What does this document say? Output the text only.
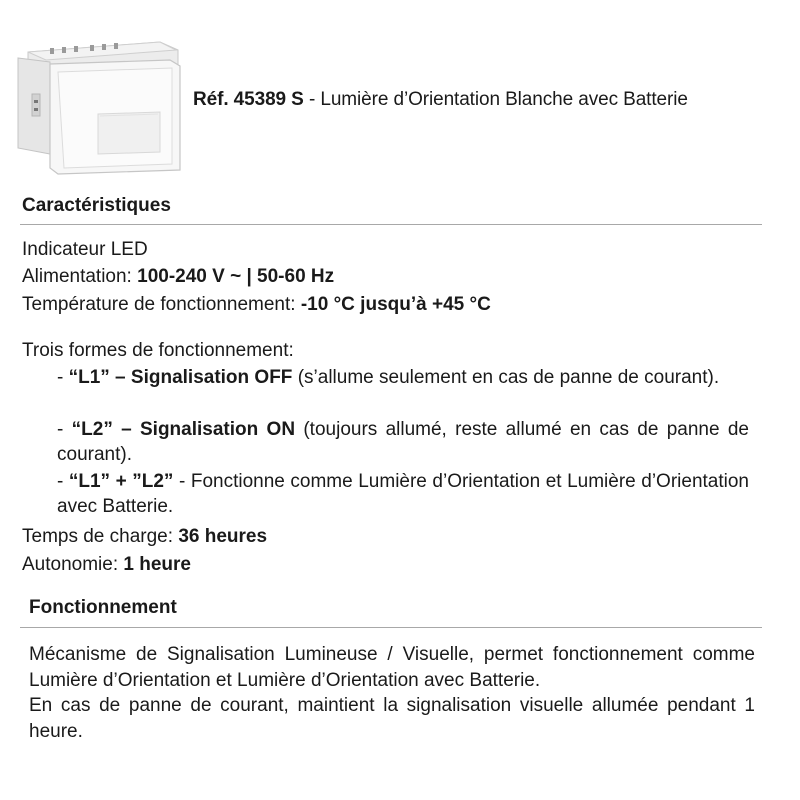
Réf. 45389 S - Lumière d’Orientation Blanche avec Batterie
Caractéristiques
Indicateur LED
Alimentation: 100-240 V ~ | 50-60 Hz
Température de fonctionnement: -10 °C jusqu’à +45 °C
Trois formes de fonctionnement:
- “L1” – Signalisation OFF (s’allume seulement en cas de panne de courant).
- “L2” – Signalisation ON (toujours allumé, reste allumé en cas de panne de courant).
- “L1” + ”L2” - Fonctionne comme Lumière d’Orientation et Lumière d’Orientation avec Batterie.
Temps de charge: 36 heures
Autonomie: 1 heure
Fonctionnement
Mécanisme de Signalisation Lumineuse / Visuelle, permet fonctionnement comme Lumière d’Orientation et Lumière d’Orientation avec Batterie.
En cas de panne de courant, maintient la signalisation visuelle allumée pendant 1 heure.
